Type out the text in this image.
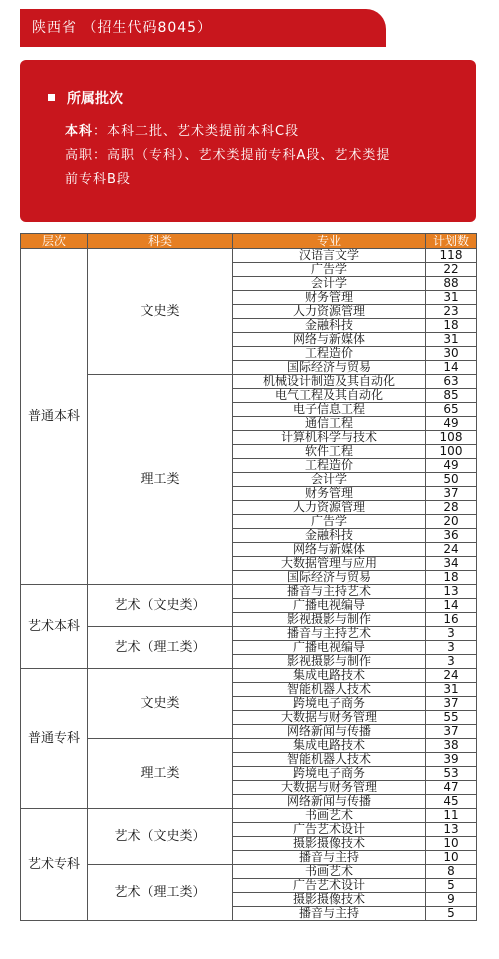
陕西省 （招生代码8045）
所属批次
本科：本科二批、艺术类提前本科C段
高职：高职（专科）、艺术类提前专科A段、艺术类提
前专科B段
层次	科类	专业	计划数
普通本科	文史类	汉语言文学	118
		广告学	22
		会计学	88
		财务管理	31
		人力资源管理	23
		金融科技	18
		网络与新媒体	31
		工程造价	30
		国际经济与贸易	14
	理工类	机械设计制造及其自动化	63
		电气工程及其自动化	85
		电子信息工程	65
		通信工程	49
		计算机科学与技术	108
		软件工程	100
		工程造价	49
		会计学	50
		财务管理	37
		人力资源管理	28
		广告学	20
		金融科技	36
		网络与新媒体	24
		大数据管理与应用	34
		国际经济与贸易	18
艺术本科	艺术（文史类）	播音与主持艺术	13
		广播电视编导	14
		影视摄影与制作	16
	艺术（理工类）	播音与主持艺术	3
		广播电视编导	3
		影视摄影与制作	3
普通专科	文史类	集成电路技术	24
		智能机器人技术	31
		跨境电子商务	37
		大数据与财务管理	55
		网络新闻与传播	37
	理工类	集成电路技术	38
		智能机器人技术	39
		跨境电子商务	53
		大数据与财务管理	47
		网络新闻与传播	45
艺术专科	艺术（文史类）	书画艺术	11
		广告艺术设计	13
		摄影摄像技术	10
		播音与主持	10
	艺术（理工类）	书画艺术	8
		广告艺术设计	5
		摄影摄像技术	9
		播音与主持	5
